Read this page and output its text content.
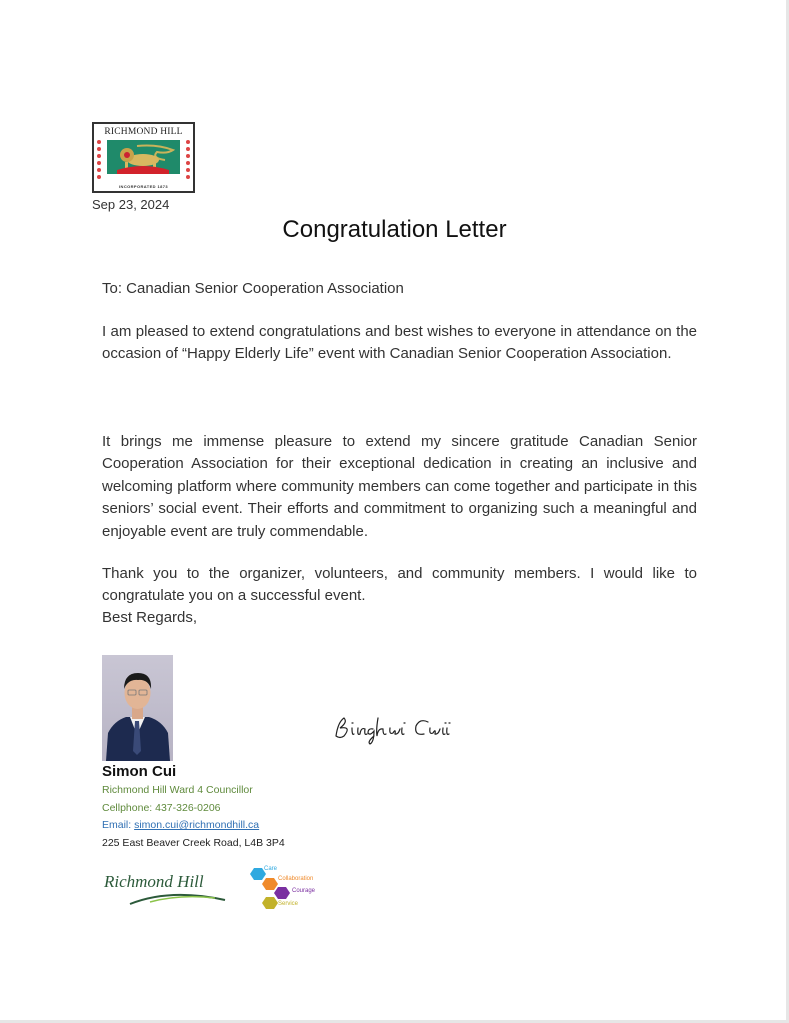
RICHMOND HILL
INCORPORATED 1873
Sep 23, 2024
Congratulation Letter
To: Canadian Senior Cooperation Association
I am pleased to extend congratulations and best wishes to everyone in attendance on the occasion of “Happy Elderly Life” event with Canadian Senior Cooperation Association.
It brings me immense pleasure to extend my sincere gratitude Canadian Senior Cooperation Association for their exceptional dedication in creating an inclusive and welcoming platform where community members can come together and participate in this seniors’ social event. Their efforts and commitment to organizing such a meaningful and enjoyable event are truly commendable.
Thank you to the organizer, volunteers, and community members. I would like to congratulate you on a successful event.
Best Regards,
Simon Cui
Richmond Hill Ward 4 Councillor
Cellphone: 437-326-0206
Email: simon.cui@richmondhill.ca
225 East Beaver Creek Road, L4B 3P4
Richmond Hill
Care
Collaboration
Courage
Service
